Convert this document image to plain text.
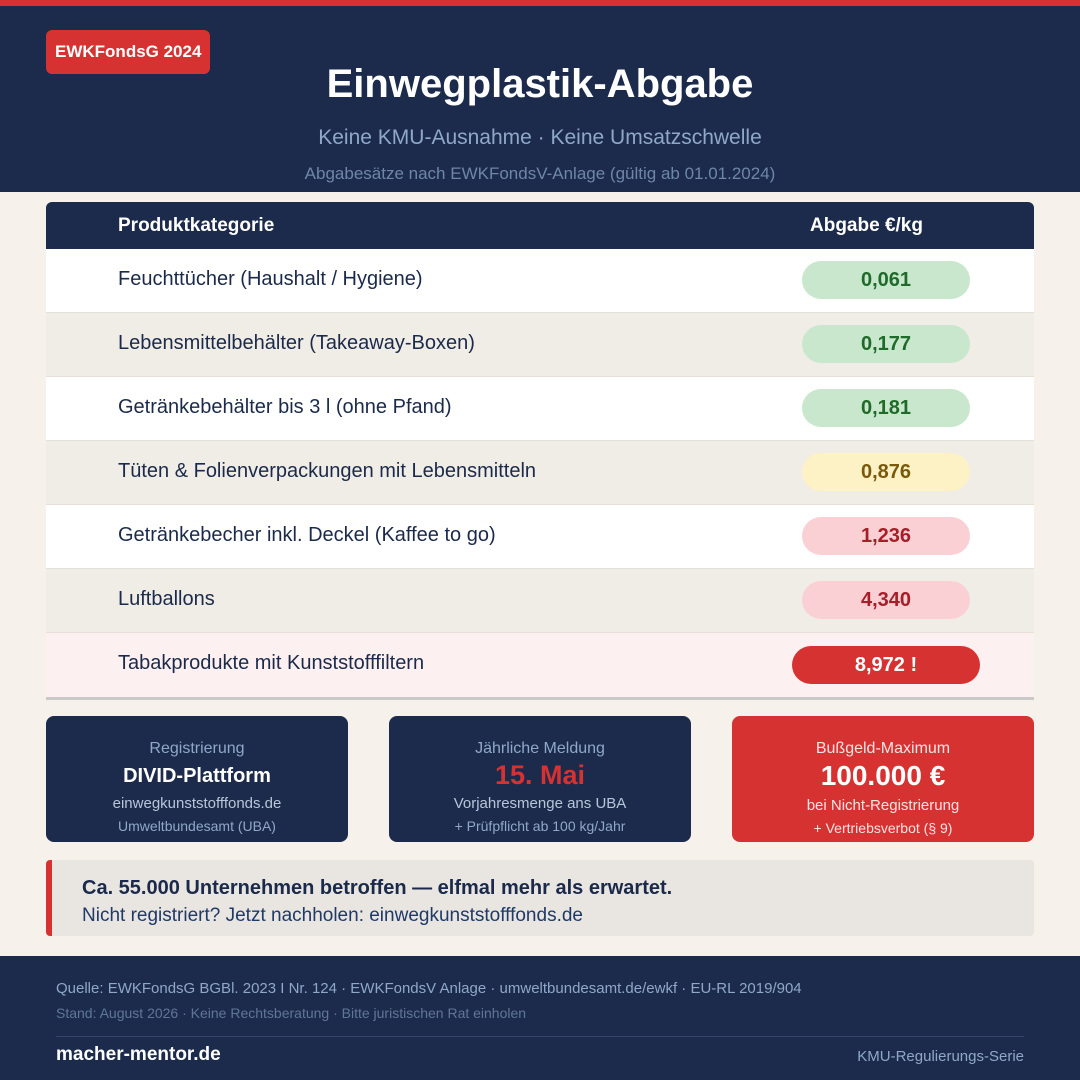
EWKFondsG 2024
Einwegplastik-Abgabe
Keine KMU-Ausnahme · Keine Umsatzschwelle
Abgabesätze nach EWKFondsV-Anlage (gültig ab 01.01.2024)
Produktkategorie	Abgabe €/kg
Feuchttücher (Haushalt / Hygiene)	0,061
Lebensmittelbehälter (Takeaway-Boxen)	0,177
Getränkebehälter bis 3 l (ohne Pfand)	0,181
Tüten & Folienverpackungen mit Lebensmitteln	0,876
Getränkebecher inkl. Deckel (Kaffee to go)	1,236
Luftballons	4,340
Tabakprodukte mit Kunststofffiltern	8,972 !
Registrierung
DIVID-Plattform
einwegkunststofffonds.de
Umweltbundesamt (UBA)
Jährliche Meldung
15. Mai
Vorjahresmenge ans UBA
+ Prüfpflicht ab 100 kg/Jahr
Bußgeld-Maximum
100.000 €
bei Nicht-Registrierung
+ Vertriebsverbot (§ 9)
Ca. 55.000 Unternehmen betroffen — elfmal mehr als erwartet.
Nicht registriert? Jetzt nachholen: einwegkunststofffonds.de
Quelle: EWKFondsG BGBl. 2023 I Nr. 124 · EWKFondsV Anlage · umweltbundesamt.de/ewkf · EU-RL 2019/904
Stand: August 2026 · Keine Rechtsberatung · Bitte juristischen Rat einholen
macher-mentor.de	KMU-Regulierungs-Serie
